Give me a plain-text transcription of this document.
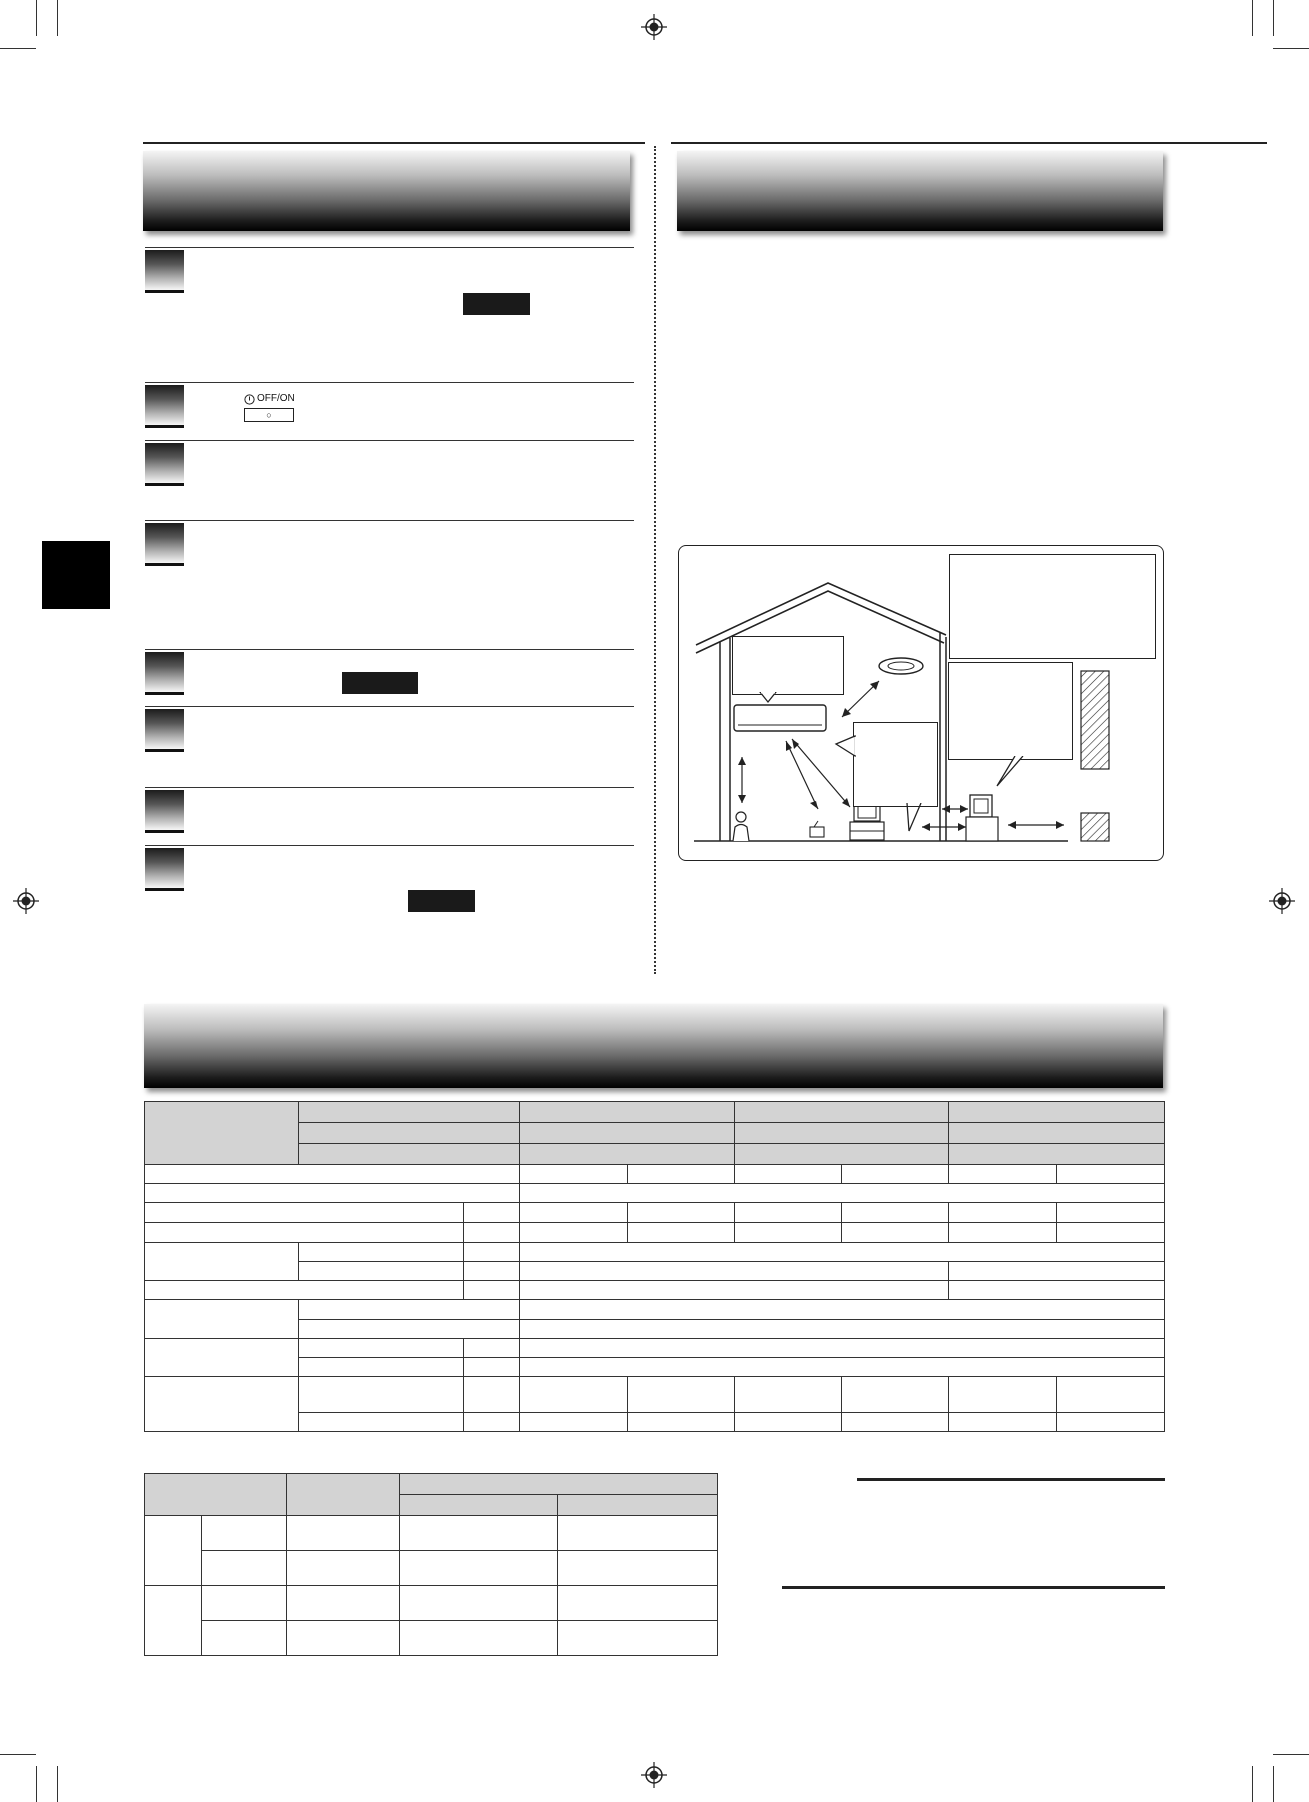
OFF/ON
○
